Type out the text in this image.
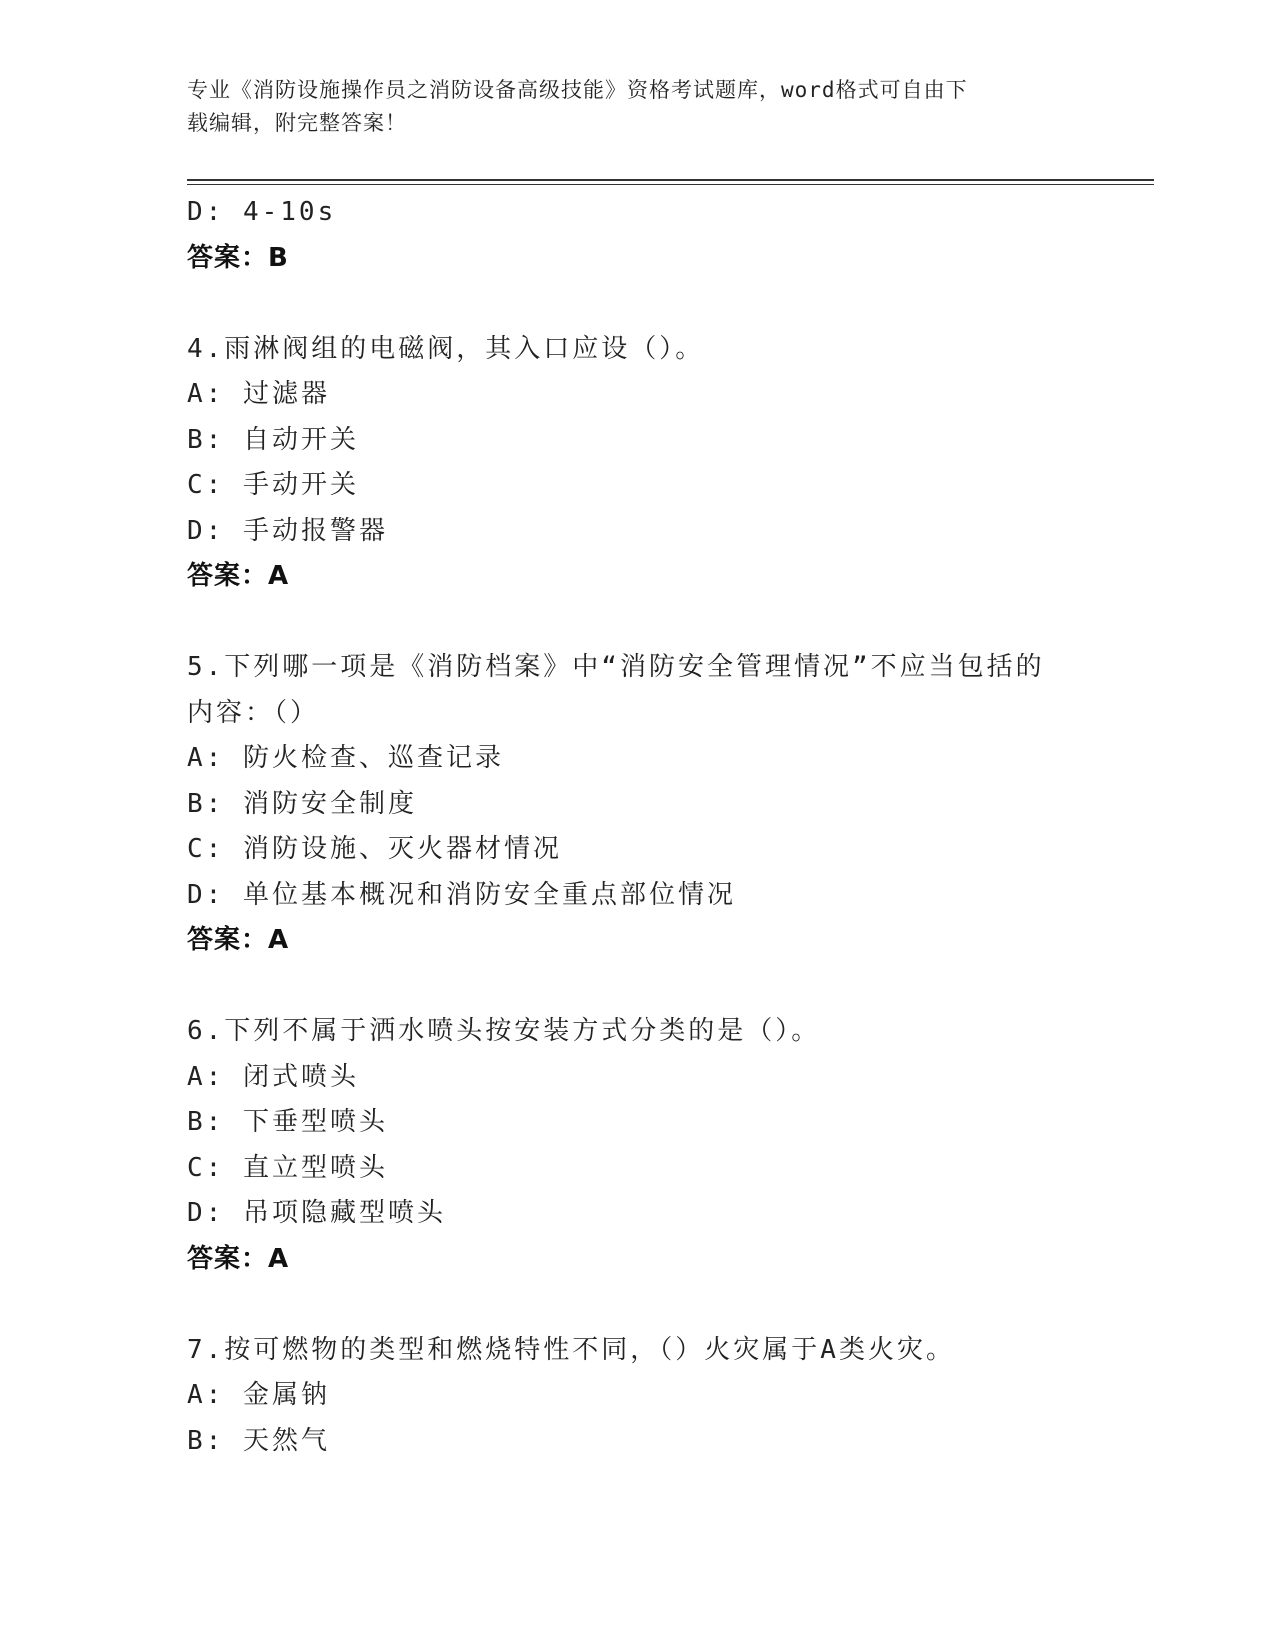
专业《消防设施操作员之消防设备高级技能》资格考试题库，word格式可自由下
载编辑，附完整答案！
D: 4-10s
答案：B
4.雨淋阀组的电磁阀，其入口应设（）。
A: 过滤器
B: 自动开关
C: 手动开关
D: 手动报警器
答案：A
5.下列哪一项是《消防档案》中“消防安全管理情况”不应当包括的
内容：（）
A: 防火检查、巡查记录
B: 消防安全制度
C: 消防设施、灭火器材情况
D: 单位基本概况和消防安全重点部位情况
答案：A
6.下列不属于洒水喷头按安装方式分类的是（）。
A: 闭式喷头
B: 下垂型喷头
C: 直立型喷头
D: 吊项隐藏型喷头
答案：A
7.按可燃物的类型和燃烧特性不同，（）火灾属于A类火灾。
A: 金属钠
B: 天然气
